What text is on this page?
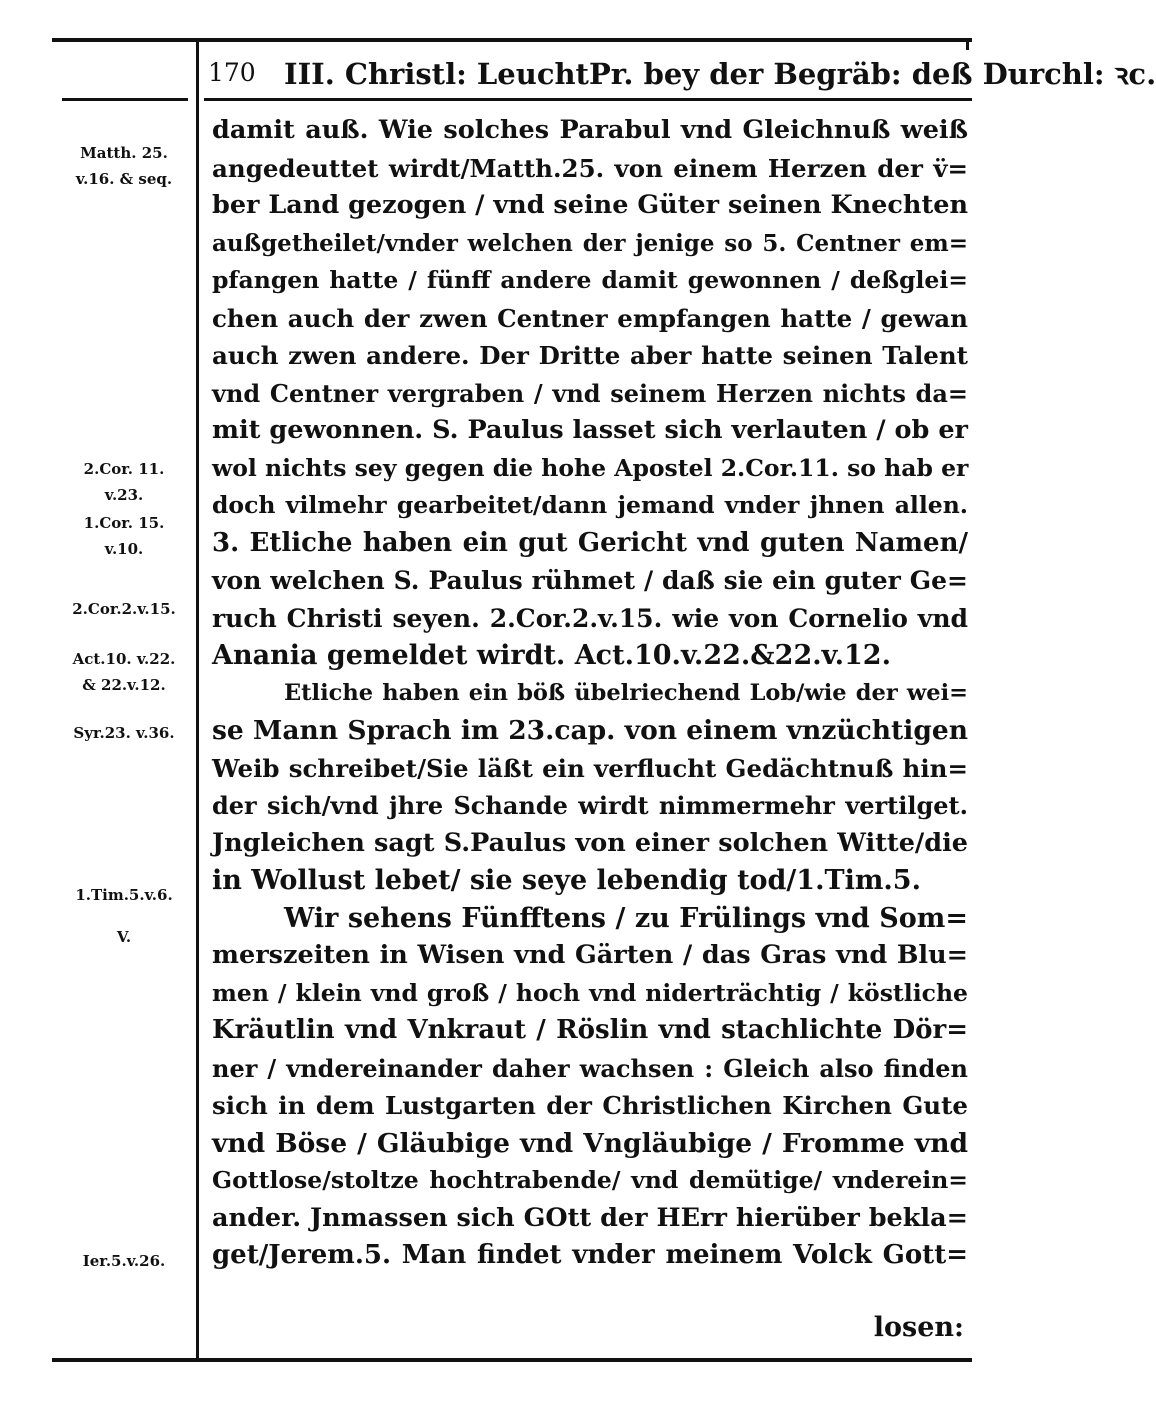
170 III. Christl: LeuchtPr. bey der Begräb: deß Durchl: ꝛc.
Matth. 25.
v.16. & seq.
2.Cor. 11.
v.23.
1.Cor. 15.
v.10.
2.Cor.2.v.15.
Act.10. v.22.
& 22.v.12.
Syr.23. v.36.
1.Tim.5.v.6.
V.
Ier.5.v.26.
damit auß. Wie solches Parabul vnd Gleichnuß weiß
angedeuttet wirdt/Matth.25. von einem Herzen der v̈=
ber Land gezogen / vnd seine Güter seinen Knechten
außgetheilet/vnder welchen der jenige so 5. Centner em=
pfangen hatte / fünff andere damit gewonnen / deßglei=
chen auch der zwen Centner empfangen hatte / gewan
auch zwen andere. Der Dritte aber hatte seinen Talent
vnd Centner vergraben / vnd seinem Herzen nichts da=
mit gewonnen. S. Paulus lasset sich verlauten / ob er
wol nichts sey gegen die hohe Apostel 2.Cor.11. so hab er
doch vilmehr gearbeitet/dann jemand vnder jhnen allen.
3. Etliche haben ein gut Gericht vnd guten Namen/
von welchen S. Paulus rühmet / daß sie ein guter Ge=
ruch Christi seyen. 2.Cor.2.v.15. wie von Cornelio vnd
Anania gemeldet wirdt. Act.10.v.22.&22.v.12.
Etliche haben ein böß übelriechend Lob/wie der wei=
se Mann Sprach im 23.cap. von einem vnzüchtigen
Weib schreibet/Sie läßt ein verflucht Gedächtnuß hin=
der sich/vnd jhre Schande wirdt nimmermehr vertilget.
Jngleichen sagt S.Paulus von einer solchen Witte/die
in Wollust lebet/ sie seye lebendig tod/1.Tim.5.
Wir sehens Fünfftens / zu Frülings vnd Som=
merszeiten in Wisen vnd Gärten / das Gras vnd Blu=
men / klein vnd groß / hoch vnd niderträchtig / köstliche
Kräutlin vnd Vnkraut / Röslin vnd stachlichte Dör=
ner / vndereinander daher wachsen : Gleich also finden
sich in dem Lustgarten der Christlichen Kirchen Gute
vnd Böse / Gläubige vnd Vngläubige / Fromme vnd
Gottlose/stoltze hochtrabende/ vnd demütige/ vnderein=
ander. Jnmassen sich GOtt der HErr hierüber bekla=
get/Jerem.5. Man findet vnder meinem Volck Gott=
losen:
